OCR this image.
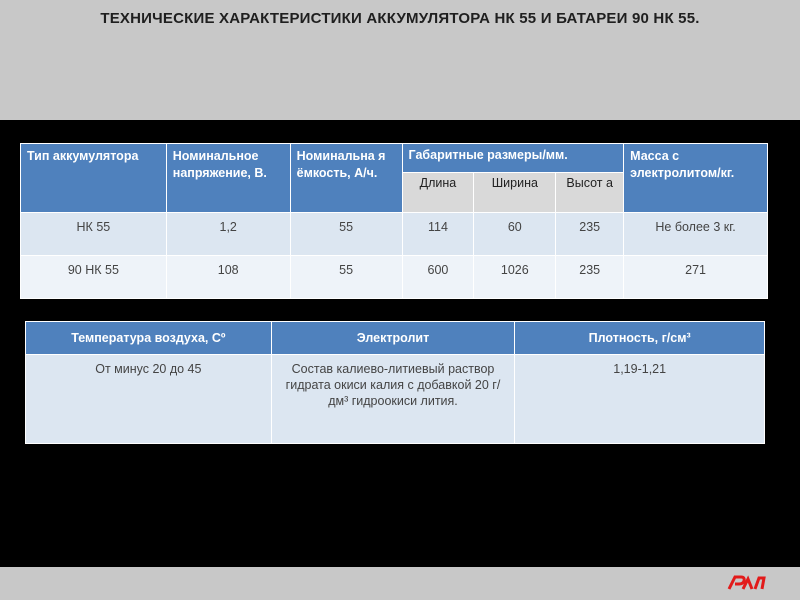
ТЕХНИЧЕСКИЕ ХАРАКТЕРИСТИКИ АККУМУЛЯТОРА НК 55 И БАТАРЕИ 90 НК 55.
Тип аккумулятора	Номинальное напряжение, В.	Номинальна я ёмкость, А/ч.	Габаритные размеры/мм.			Масса с электролитом/кг.
			Длина	Ширина	Высот а	
НК 55	1,2	55	114	60	235	Не более 3 кг.
90 НК 55	108	55	600	1026	235	271
Температура воздуха, Сº	Электролит	Плотность, г/см³
От минус 20 до 45	Состав калиево-литиевый раствор гидрата окиси калия с добавкой 20 г/дм³ гидроокиси лития.	1,19-1,21
